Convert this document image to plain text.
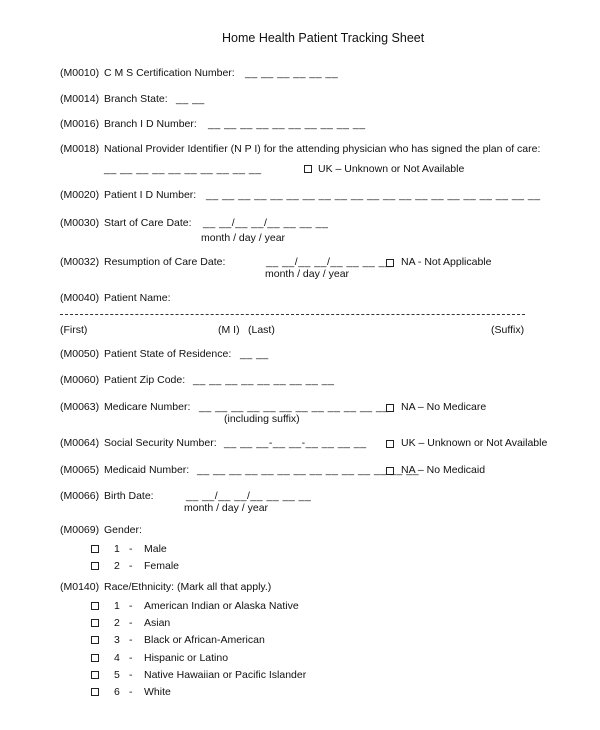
Home Health Patient Tracking Sheet
(M0010) C M S Certification Number: __ __ __ __ __ __
(M0014) Branch State: __ __
(M0016) Branch I D Number: __ __ __ __ __ __ __ __ __ __
(M0018) National Provider Identifier (N P I) for the attending physician who has signed the plan of care:
__ __ __ __ __ __ __ __ __ __	UK – Unknown or Not Available
(M0020) Patient I D Number: __ __ __ __ __ __ __ __ __ __ __ __ __ __ __ __ __ __ __ __ __
(M0030) Start of Care Date: __ __/__ __/__ __ __ __
month / day / year
(M0032) Resumption of Care Date:	__ __/__ __/__ __ __ __
month / day / year
NA - Not Applicable
(M0040) Patient Name:
(First)	(M I) (Last)	(Suffix)
(M0050) Patient State of Residence: __ __
(M0060) Patient Zip Code: __ __ __ __ __ __ __ __ __
(M0063) Medicare Number: __ __ __ __ __ __ __ __ __ __ __ __
(including suffix)
NA – No Medicare
(M0064) Social Security Number: __ __ __-__ __-__ __ __ __	UK – Unknown or Not Available
(M0065) Medicaid Number: __ __ __ __ __ __ __ __ __ __ __ __ __ __
NA – No Medicaid
(M0066) Birth Date:	__ __/__ __/__ __ __ __
month / day / year
(M0069) Gender:
1 - Male
2 - Female
(M0140) Race/Ethnicity: (Mark all that apply.)
1 - American Indian or Alaska Native
2 - Asian
3 - Black or African-American
4 - Hispanic or Latino
5 - Native Hawaiian or Pacific Islander
6 - White
